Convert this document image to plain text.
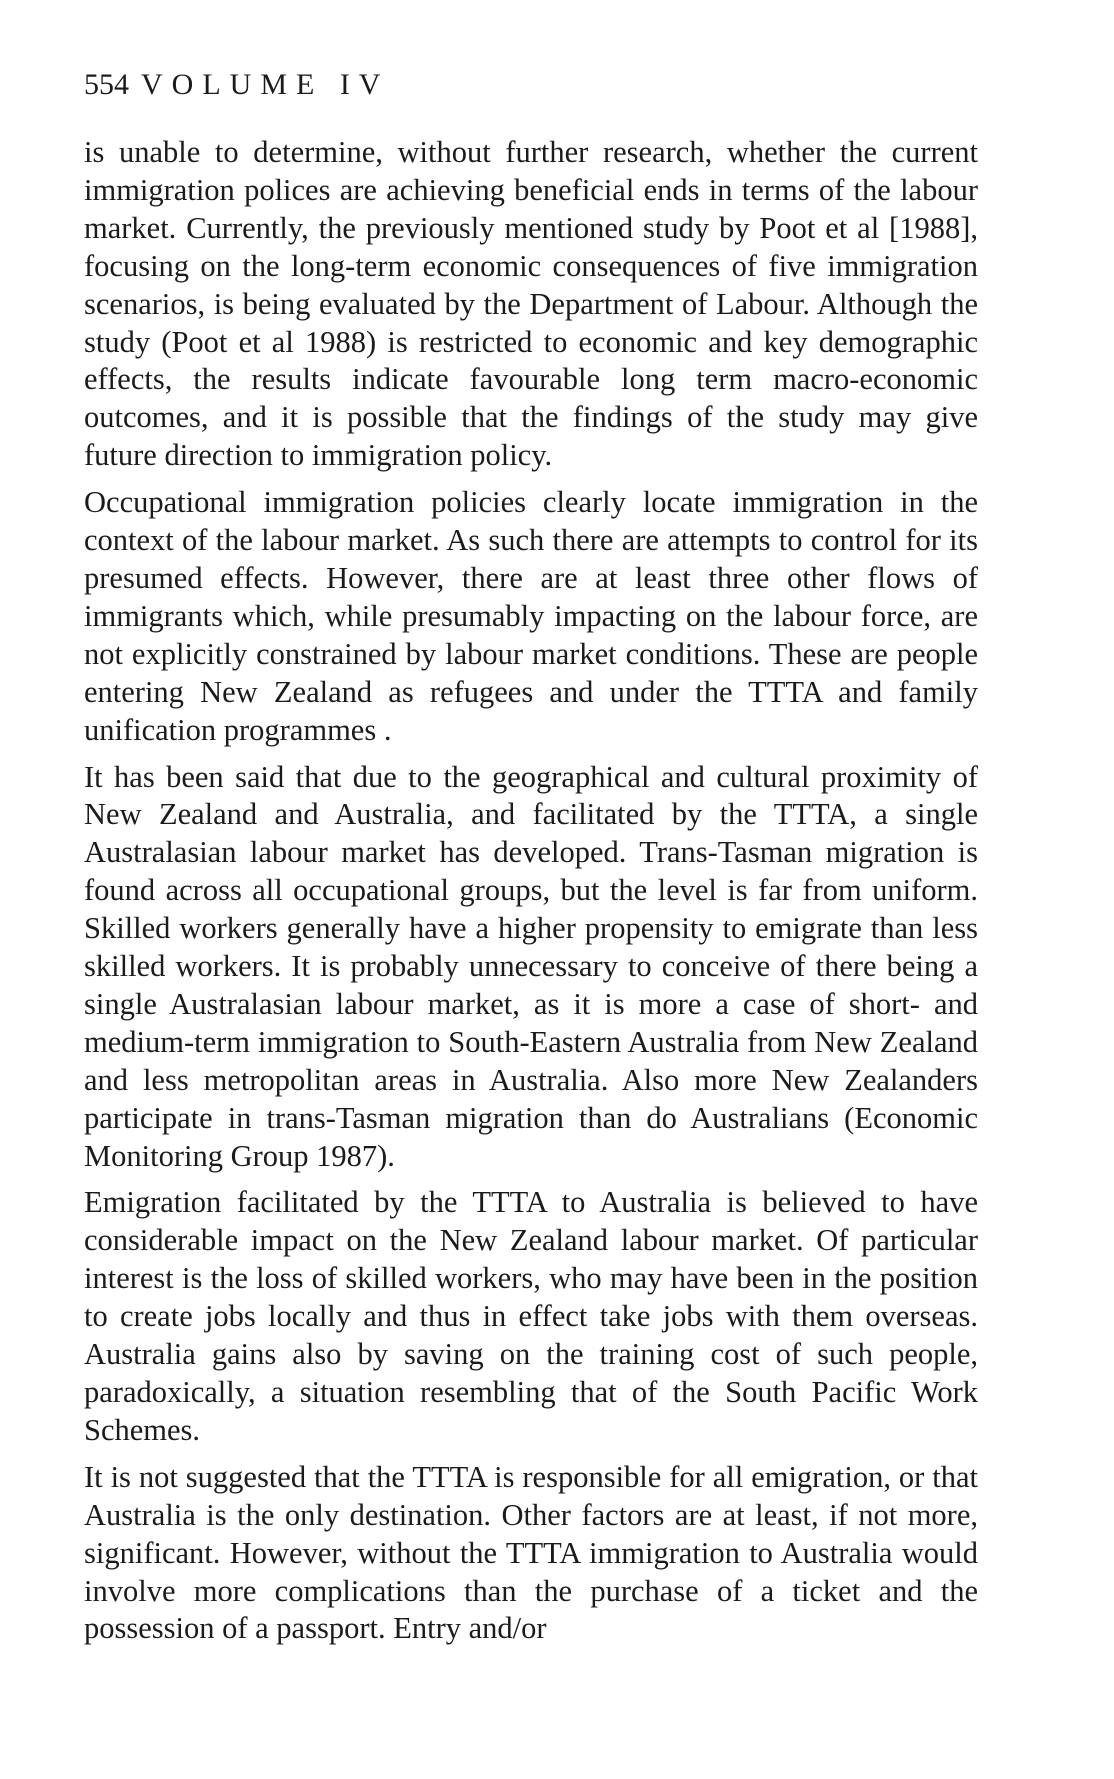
554 VOLUME IV

is unable to determine, without further research, whether the current immigration polices are achieving beneficial ends in terms of the labour market. Currently, the previously mentioned study by Poot et al [1988], focusing on the long-term economic consequences of five immigration scenarios, is being evaluated by the Department of Labour. Although the study (Poot et al 1988) is restricted to economic and key demographic effects, the results indicate favourable long term macro-economic outcomes, and it is possible that the findings of the study may give future direction to immigration policy.

Occupational immigration policies clearly locate immigration in the context of the labour market. As such there are attempts to control for its presumed effects. However, there are at least three other flows of immigrants which, while presumably impacting on the labour force, are not explicitly constrained by labour market conditions. These are people entering New Zealand as refugees and under the TTTA and family unification programmes .

It has been said that due to the geographical and cultural proximity of New Zealand and Australia, and facilitated by the TTTA, a single Australasian labour market has developed. Trans-Tasman migration is found across all occupational groups, but the level is far from uniform. Skilled workers generally have a higher propensity to emigrate than less skilled workers. It is probably unnecessary to conceive of there being a single Australasian labour market, as it is more a case of short- and medium-term immigration to South-Eastern Australia from New Zealand and less metropolitan areas in Australia. Also more New Zealanders participate in trans-Tasman migration than do Australians (Economic Monitoring Group 1987).

Emigration facilitated by the TTTA to Australia is believed to have considerable impact on the New Zealand labour market. Of particular interest is the loss of skilled workers, who may have been in the position to create jobs locally and thus in effect take jobs with them overseas. Australia gains also by saving on the training cost of such people, paradoxically, a situation resembling that of the South Pacific Work Schemes.

It is not suggested that the TTTA is responsible for all emigration, or that Australia is the only destination. Other factors are at least, if not more, significant. However, without the TTTA immigration to Australia would involve more complications than the purchase of a ticket and the possession of a passport. Entry and/or
